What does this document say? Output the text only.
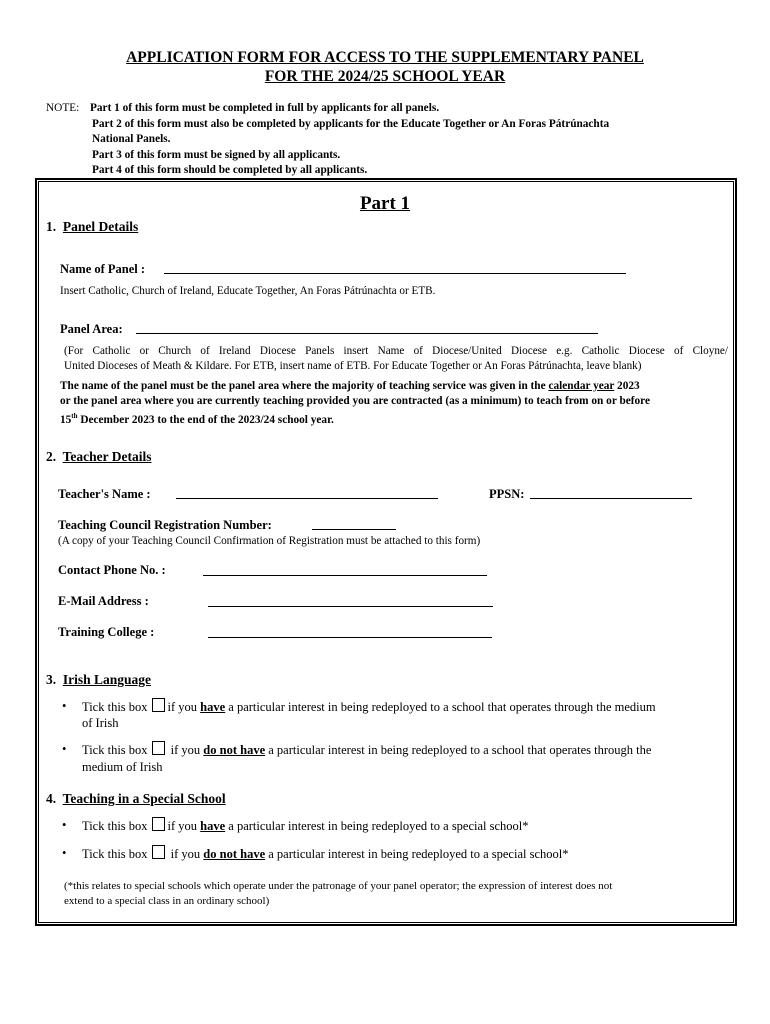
APPLICATION FORM FOR ACCESS TO THE SUPPLEMENTARY PANEL
FOR THE 2024/25 SCHOOL YEAR
NOTE: Part 1 of this form must be completed in full by applicants for all panels.
Part 2 of this form must also be completed by applicants for the Educate Together or An Foras Pátrúnachta
National Panels.
Part 3 of this form must be signed by all applicants.
Part 4 of this form should be completed by all applicants.
Part 1
1. Panel Details
Name of Panel :
Insert Catholic, Church of Ireland, Educate Together, An Foras Pátrúnachta or ETB.
Panel Area:
(For Catholic or Church of Ireland Diocese Panels insert Name of Diocese/United Diocese e.g. Catholic Diocese of Cloyne/
United Dioceses of Meath & Kildare. For ETB, insert name of ETB. For Educate Together or An Foras Pátrúnachta, leave blank)
The name of the panel must be the panel area where the majority of teaching service was given in the calendar year 2023
or the panel area where you are currently teaching provided you are contracted (as a minimum) to teach from on or before
15th December 2023 to the end of the 2023/24 school year.
2. Teacher Details
Teacher's Name :	PPSN:
Teaching Council Registration Number:
(A copy of your Teaching Council Confirmation of Registration must be attached to this form)
Contact Phone No. :
E-Mail Address :
Training College :
3. Irish Language
• Tick this box if you have a particular interest in being redeployed to a school that operates through the medium
of Irish
• Tick this box if you do not have a particular interest in being redeployed to a school that operates through the
medium of Irish
4. Teaching in a Special School
• Tick this box if you have a particular interest in being redeployed to a special school*
• Tick this box if you do not have a particular interest in being redeployed to a special school*
(*this relates to special schools which operate under the patronage of your panel operator; the expression of interest does not
extend to a special class in an ordinary school)
